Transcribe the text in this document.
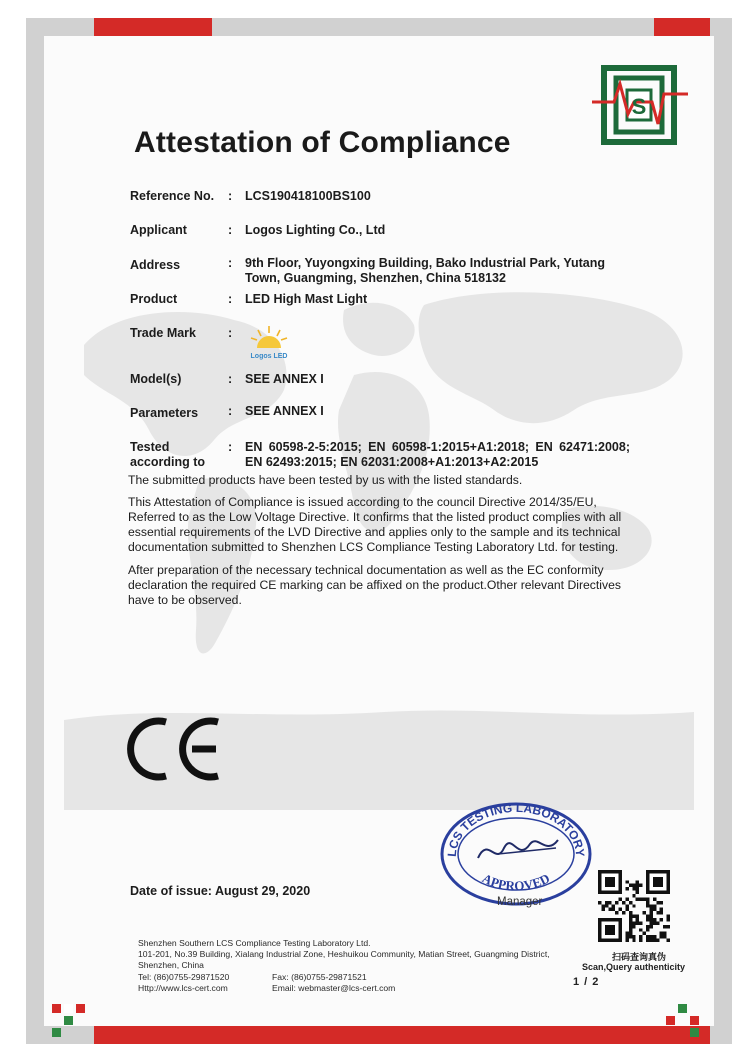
S
Attestation of Compliance
Reference No.	: LCS190418100BS100
Applicant	: Logos Lighting Co., Ltd
Address	: 9th Floor, Yuyongxing Building, Bako Industrial Park, Yutang Town, Guangming, Shenzhen, China 518132
Product	: LED High Mast Light
Trade Mark	:
Logos LED
Model(s)	: SEE ANNEX I
Parameters	: SEE ANNEX I
Tested
according to
: EN 60598-2-5:2015; EN 60598-1:2015+A1:2018; EN 62471:2008; EN 62493:2015; EN 62031:2008+A1:2013+A2:2015
The submitted products have been tested by us with the listed standards.
This Attestation of Compliance is issued according to the council Directive 2014/35/EU, Referred to as the Low Voltage Directive. It confirms that the listed product complies with all essential requirements of the LVD Directive and applies only to the sample and its technical documentation submitted to Shenzhen LCS Compliance Testing Laboratory Ltd. for testing.
After preparation of the necessary technical documentation as well as the EC conformity declaration the required CE marking can be affixed on the product.Other relevant Directives have to be observed.
LCS TESTING LABORATORY
APPROVED
Manager
Date of issue: August 29, 2020
Shenzhen Southern LCS Compliance Testing Laboratory Ltd.
101-201, No.39 Building, Xialang Industrial Zone, Heshuikou Community, Matian Street, Guangming District,
Shenzhen, China
Tel: (86)0755-29871520	Fax: (86)0755-29871521
Http://www.lcs-cert.com	Email: webmaster@lcs-cert.com
扫码查询真伪
Scan,Query authenticity
1 / 2
